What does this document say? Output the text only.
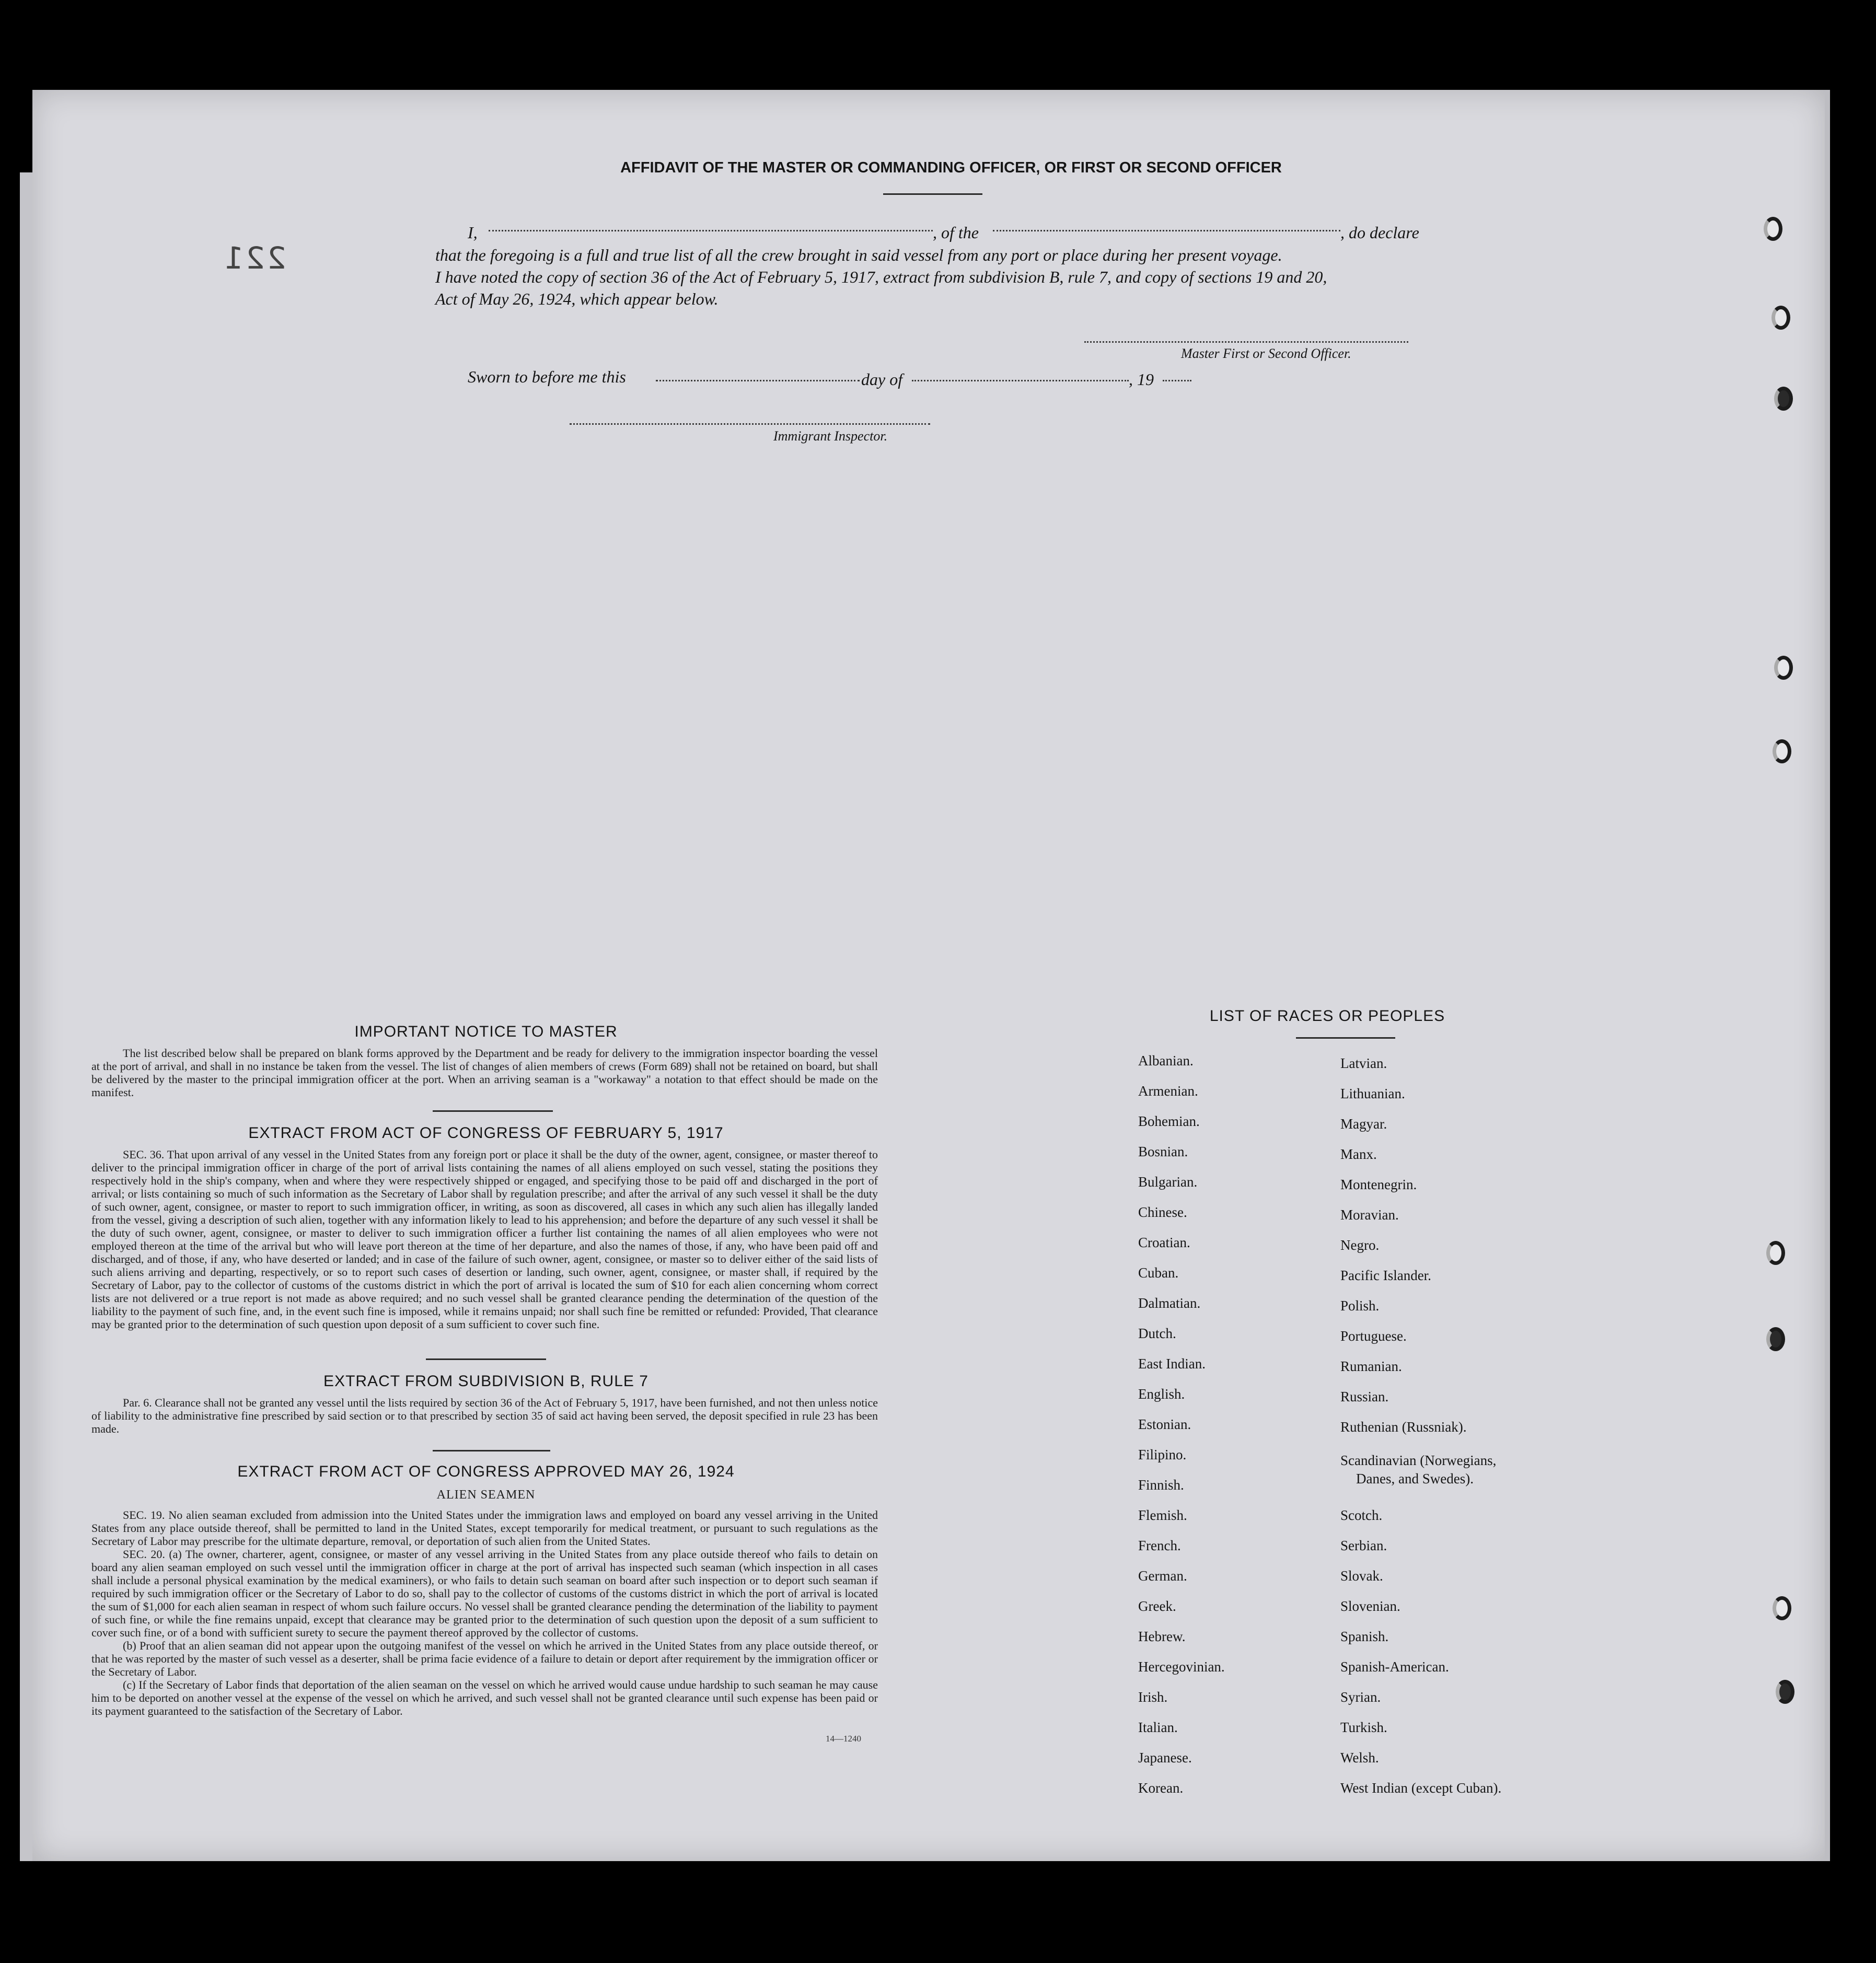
AFFIDAVIT OF THE MASTER OR COMMANDING OFFICER, OR FIRST OR SECOND OFFICER
221
I,	, of the	, do declare
that the foregoing is a full and true list of all the crew brought in said vessel from any port or place during her present voyage.
I have noted the copy of section 36 of the Act of February 5, 1917, extract from subdivision B, rule 7, and copy of sections 19 and 20,
Act of May 26, 1924, which appear below.
Master First or Second Officer.
Sworn to before me this	day of	, 19
Immigrant Inspector.
IMPORTANT NOTICE TO MASTER
The list described below shall be prepared on blank forms approved by the Department and be ready for delivery to the immigration inspector boarding the vessel at the port of arrival, and shall in no instance be taken from the vessel. The list of changes of alien members of crews (Form 689) shall not be retained on board, but shall be delivered by the master to the principal immigration officer at the port. When an arriving seaman is a "workaway" a notation to that effect should be made on the manifest.
EXTRACT FROM ACT OF CONGRESS OF FEBRUARY 5, 1917
SEC. 36. That upon arrival of any vessel in the United States from any foreign port or place it shall be the duty of the owner, agent, consignee, or master thereof to deliver to the principal immigration officer in charge of the port of arrival lists containing the names of all aliens employed on such vessel, stating the positions they respectively hold in the ship's company, when and where they were respectively shipped or engaged, and specifying those to be paid off and discharged in the port of arrival; or lists containing so much of such information as the Secretary of Labor shall by regulation prescribe; and after the arrival of any such vessel it shall be the duty of such owner, agent, consignee, or master to report to such immigration officer, in writing, as soon as discovered, all cases in which any such alien has illegally landed from the vessel, giving a description of such alien, together with any information likely to lead to his apprehension; and before the departure of any such vessel it shall be the duty of such owner, agent, consignee, or master to deliver to such immigration officer a further list containing the names of all alien employees who were not employed thereon at the time of the arrival but who will leave port thereon at the time of her departure, and also the names of those, if any, who have been paid off and discharged, and of those, if any, who have deserted or landed; and in case of the failure of such owner, agent, consignee, or master so to deliver either of the said lists of such aliens arriving and departing, respectively, or so to report such cases of desertion or landing, such owner, agent, consignee, or master shall, if required by the Secretary of Labor, pay to the collector of customs of the customs district in which the port of arrival is located the sum of $10 for each alien concerning whom correct lists are not delivered or a true report is not made as above required; and no such vessel shall be granted clearance pending the determination of the question of the liability to the payment of such fine, and, in the event such fine is imposed, while it remains unpaid; nor shall such fine be remitted or refunded: Provided, That clearance may be granted prior to the determination of such question upon deposit of a sum sufficient to cover such fine.
EXTRACT FROM SUBDIVISION B, RULE 7
Par. 6. Clearance shall not be granted any vessel until the lists required by section 36 of the Act of February 5, 1917, have been furnished, and not then unless notice of liability to the administrative fine prescribed by said section or to that prescribed by section 35 of said act having been served, the deposit specified in rule 23 has been made.
EXTRACT FROM ACT OF CONGRESS APPROVED MAY 26, 1924
ALIEN SEAMEN
SEC. 19. No alien seaman excluded from admission into the United States under the immigration laws and employed on board any vessel arriving in the United States from any place outside thereof, shall be permitted to land in the United States, except temporarily for medical treatment, or pursuant to such regulations as the Secretary of Labor may prescribe for the ultimate departure, removal, or deportation of such alien from the United States.
SEC. 20. (a) The owner, charterer, agent, consignee, or master of any vessel arriving in the United States from any place outside thereof who fails to detain on board any alien seaman employed on such vessel until the immigration officer in charge at the port of arrival has inspected such seaman (which inspection in all cases shall include a personal physical examination by the medical examiners), or who fails to detain such seaman on board after such inspection or to deport such seaman if required by such immigration officer or the Secretary of Labor to do so, shall pay to the collector of customs of the customs district in which the port of arrival is located the sum of $1,000 for each alien seaman in respect of whom such failure occurs. No vessel shall be granted clearance pending the determination of the liability to payment of such fine, or while the fine remains unpaid, except that clearance may be granted prior to the determination of such question upon the deposit of a sum sufficient to cover such fine, or of a bond with sufficient surety to secure the payment thereof approved by the collector of customs.
(b) Proof that an alien seaman did not appear upon the outgoing manifest of the vessel on which he arrived in the United States from any place outside thereof, or that he was reported by the master of such vessel as a deserter, shall be prima facie evidence of a failure to detain or deport after requirement by the immigration officer or the Secretary of Labor.
(c) If the Secretary of Labor finds that deportation of the alien seaman on the vessel on which he arrived would cause undue hardship to such seaman he may cause him to be deported on another vessel at the expense of the vessel on which he arrived, and such vessel shall not be granted clearance until such expense has been paid or its payment guaranteed to the satisfaction of the Secretary of Labor.
14—1240
LIST OF RACES OR PEOPLES
Albanian.
Armenian.
Bohemian.
Bosnian.
Bulgarian.
Chinese.
Croatian.
Cuban.
Dalmatian.
Dutch.
East Indian.
English.
Estonian.
Filipino.
Finnish.
Flemish.
French.
German.
Greek.
Hebrew.
Hercegovinian.
Irish.
Italian.
Japanese.
Korean.
Latvian.
Lithuanian.
Magyar.
Manx.
Montenegrin.
Moravian.
Negro.
Pacific Islander.
Polish.
Portuguese.
Rumanian.
Russian.
Ruthenian (Russniak).
Scandinavian (Norwegians,
Danes, and Swedes).
Scotch.
Serbian.
Slovak.
Slovenian.
Spanish.
Spanish-American.
Syrian.
Turkish.
Welsh.
West Indian (except Cuban).
